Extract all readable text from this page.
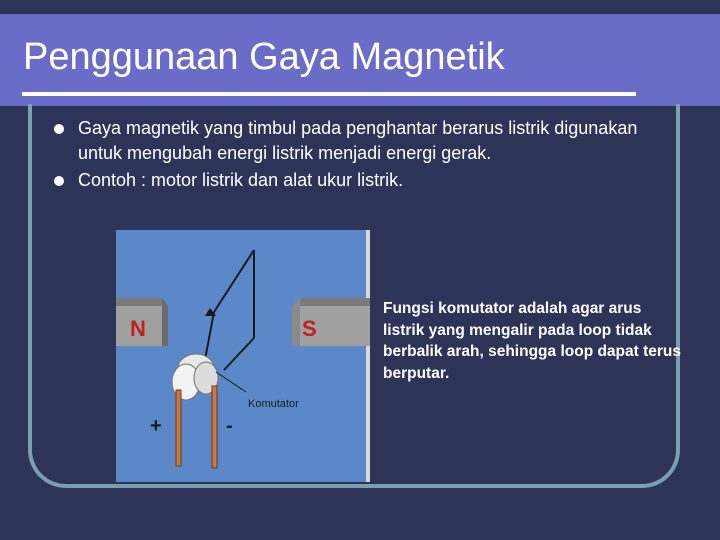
Penggunaan Gaya Magnetik
Gaya magnetik yang timbul pada penghantar berarus listrik digunakan untuk mengubah energi listrik menjadi energi gerak.
Contoh : motor listrik dan alat ukur listrik.
N	S
Komutator
+	-
Fungsi komutator adalah agar arus listrik yang mengalir pada loop tidak berbalik arah, sehingga loop dapat terus berputar.
